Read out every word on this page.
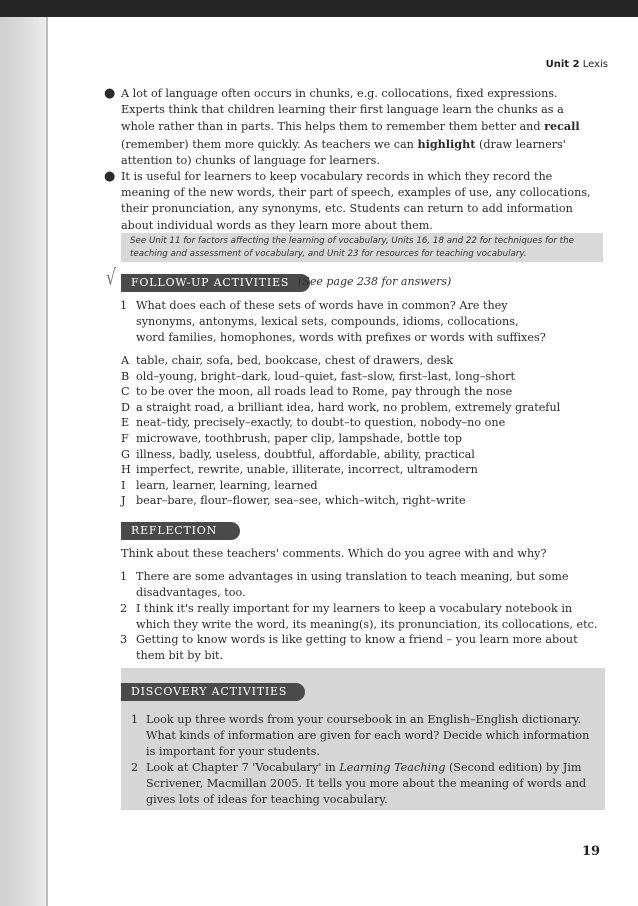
Unit 2 Lexis

● A lot of language often occurs in chunks, e.g. collocations, fixed expressions. Experts think that children learning their first language learn the chunks as a whole rather than in parts. This helps them to remember them better and recall (remember) them more quickly. As teachers we can highlight (draw learners' attention to) chunks of language for learners.

● It is useful for learners to keep vocabulary records in which they record the meaning of the new words, their part of speech, examples of use, any collocations, their pronunciation, any synonyms, etc. Students can return to add information about individual words as they learn more about them.

See Unit 11 for factors affecting the learning of vocabulary, Units 16, 18 and 22 for techniques for the teaching and assessment of vocabulary, and Unit 23 for resources for teaching vocabulary.
√	FOLLOW-UP ACTIVITIES (See page 238 for answers)
1 What does each of these sets of words have in common? Are they synonyms, antonyms, lexical sets, compounds, idioms, collocations, word families, homophones, words with prefixes or words with suffixes?
A table, chair, sofa, bed, bookcase, chest of drawers, desk
B old–young, bright–dark, loud–quiet, fast–slow, first–last, long–short
C to be over the moon, all roads lead to Rome, pay through the nose
D a straight road, a brilliant idea, hard work, no problem, extremely grateful
E neat–tidy, precisely–exactly, to doubt–to question, nobody–no one
F microwave, toothbrush, paper clip, lampshade, bottle top
G illness, badly, useless, doubtful, affordable, ability, practical
H imperfect, rewrite, unable, illiterate, incorrect, ultramodern
I learn, learner, learning, learned
J bear–bare, flour–flower, sea–see, which–witch, right–write
REFLECTION
Think about these teachers' comments. Which do you agree with and why?
1 There are some advantages in using translation to teach meaning, but some disadvantages, too.
2 I think it's really important for my learners to keep a vocabulary notebook in which they write the word, its meaning(s), its pronunciation, its collocations, etc.
3 Getting to know words is like getting to know a friend – you learn more about them bit by bit.
DISCOVERY ACTIVITIES
1 Look up three words from your coursebook in an English–English dictionary. What kinds of information are given for each word? Decide which information is important for your students.
2 Look at Chapter 7 'Vocabulary' in Learning Teaching (Second edition) by Jim Scrivener, Macmillan 2005. It tells you more about the meaning of words and gives lots of ideas for teaching vocabulary.
19
